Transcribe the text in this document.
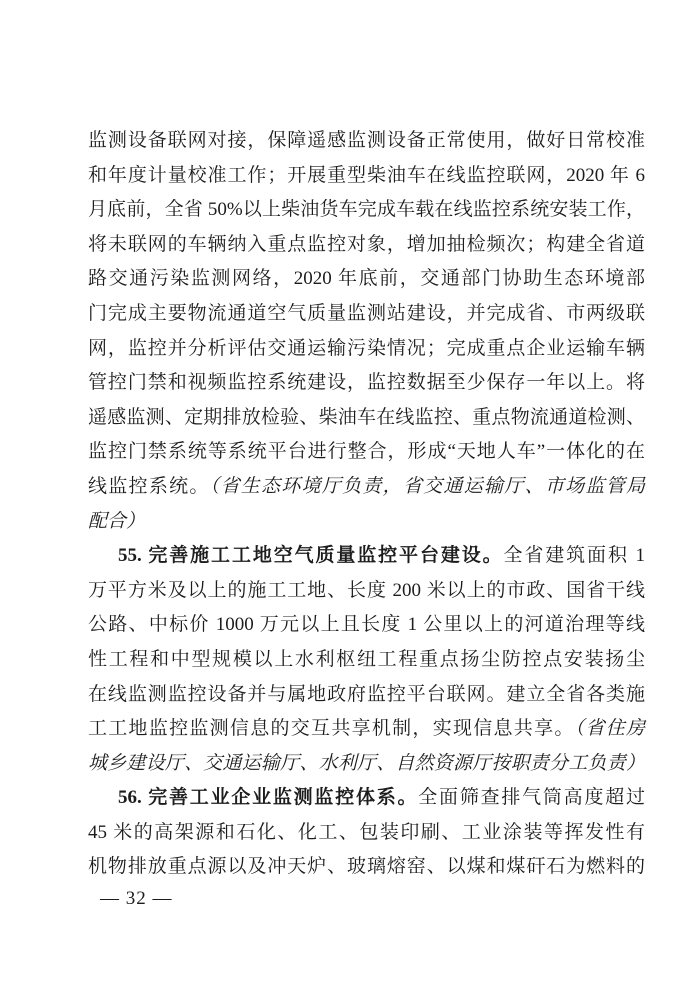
监测设备联网对接，保障遥感监测设备正常使用，做好日常校准
和年度计量校准工作；开展重型柴油车在线监控联网，2020 年 6
月底前，全省 50%以上柴油货车完成车载在线监控系统安装工作，
将未联网的车辆纳入重点监控对象，增加抽检频次；构建全省道
路交通污染监测网络，2020 年底前，交通部门协助生态环境部
门完成主要物流通道空气质量监测站建设，并完成省、市两级联
网，监控并分析评估交通运输污染情况；完成重点企业运输车辆
管控门禁和视频监控系统建设，监控数据至少保存一年以上。将
遥感监测、定期排放检验、柴油车在线监控、重点物流通道检测、
监控门禁系统等系统平台进行整合，形成“天地人车”一体化的在
线监控系统。（省生态环境厅负责，省交通运输厅、市场监管局
配合）
55. 完善施工工地空气质量监控平台建设。全省建筑面积 1
万平方米及以上的施工工地、长度 200 米以上的市政、国省干线
公路、中标价 1000 万元以上且长度 1 公里以上的河道治理等线
性工程和中型规模以上水利枢纽工程重点扬尘防控点安装扬尘
在线监测监控设备并与属地政府监控平台联网。建立全省各类施
工工地监控监测信息的交互共享机制，实现信息共享。（省住房
城乡建设厅、交通运输厅、水利厅、自然资源厅按职责分工负责）
56. 完善工业企业监测监控体系。全面筛查排气筒高度超过
45 米的高架源和石化、化工、包装印刷、工业涂装等挥发性有
机物排放重点源以及冲天炉、玻璃熔窑、以煤和煤矸石为燃料的
— 32 —
